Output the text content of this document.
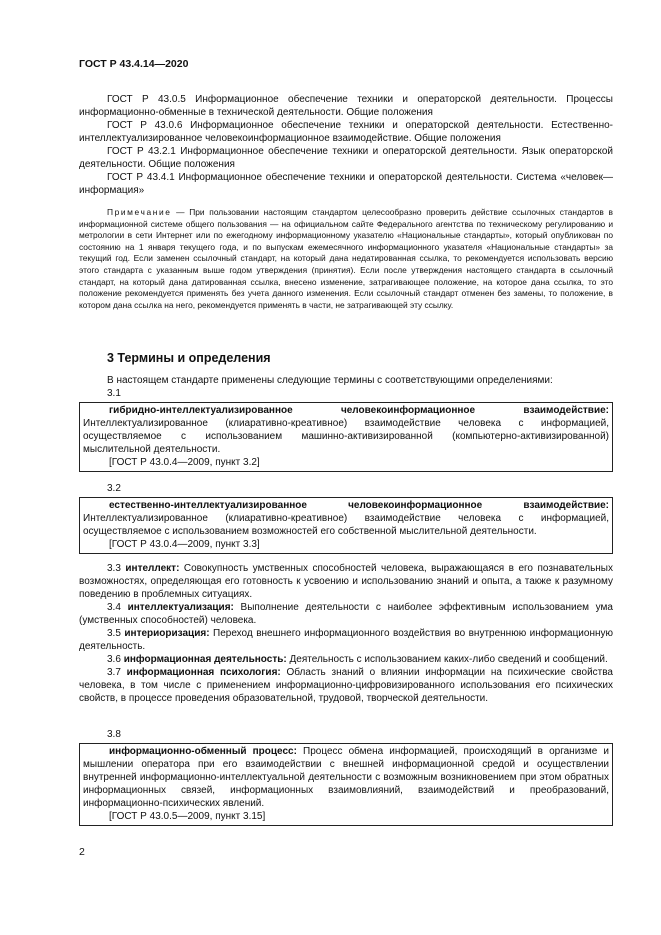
ГОСТ Р 43.4.14—2020

ГОСТ Р 43.0.5 Информационное обеспечение техники и операторской деятельности. Процессы информационно-обменные в технической деятельности. Общие положения

ГОСТ Р 43.0.6 Информационное обеспечение техники и операторской деятельности. Естественно-интеллектуализированное человекоинформационное взаимодействие. Общие положения

ГОСТ Р 43.2.1 Информационное обеспечение техники и операторской деятельности. Язык операторской деятельности. Общие положения

ГОСТ Р 43.4.1 Информационное обеспечение техники и операторской деятельности. Система «человек—информация»

Примечание — При пользовании настоящим стандартом целесообразно проверить действие ссылочных стандартов в информационной системе общего пользования — на официальном сайте Федерального агентства по техническому регулированию и метрологии в сети Интернет или по ежегодному информационному указателю «Национальные стандарты», который опубликован по состоянию на 1 января текущего года, и по выпускам ежемесячного информационного указателя «Национальные стандарты» за текущий год. Если заменен ссылочный стандарт, на который дана недатированная ссылка, то рекомендуется использовать версию этого стандарта с указанным выше годом утверждения (принятия). Если после утверждения настоящего стандарта в ссылочный стандарт, на который дана датированная ссылка, внесено изменение, затрагивающее положение, на которое дана ссылка, то это положение рекомендуется применять без учета данного изменения. Если ссылочный стандарт отменен без замены, то положение, в котором дана ссылка на него, рекомендуется применять в части, не затрагивающей эту ссылку.

3 Термины и определения

В настоящем стандарте применены следующие термины с соответствующими определениями:

3.1

гибридно-интеллектуализированное человекоинформационное взаимодействие: Интеллектуализированное (клиаративно-креативное) взаимодействие человека с информацией, осуществляемое с использованием машинно-активизированной (компьютерно-активизированной) мыслительной деятельности.

[ГОСТ Р 43.0.4—2009, пункт 3.2]

3.2

естественно-интеллектуализированное человекоинформационное взаимодействие: Интеллектуализированное (клиаративно-креативное) взаимодействие человека с информацией, осуществляемое с использованием возможностей его собственной мыслительной деятельности.

[ГОСТ Р 43.0.4—2009, пункт 3.3]

3.3 интеллект: Совокупность умственных способностей человека, выражающаяся в его познавательных возможностях, определяющая его готовность к усвоению и использованию знаний и опыта, а также к разумному поведению в проблемных ситуациях.

3.4 интеллектуализация: Выполнение деятельности с наиболее эффективным использованием ума (умственных способностей) человека.

3.5 интериоризация: Переход внешнего информационного воздействия во внутреннюю информационную деятельность.

3.6 информационная деятельность: Деятельность с использованием каких-либо сведений и сообщений.

3.7 информационная психология: Область знаний о влиянии информации на психические свойства человека, в том числе с применением информационно-цифровизированного использования его психических свойств, в процессе проведения образовательной, трудовой, творческой деятельности.

3.8

информационно-обменный процесс: Процесс обмена информацией, происходящий в организме и мышлении оператора при его взаимодействии с внешней информационной средой и осуществлении внутренней информационно-интеллектуальной деятельности с возможным возникновением при этом обратных информационных связей, информационных взаимовлияний, взаимодействий и преобразований, информационно-психических явлений.

[ГОСТ Р 43.0.5—2009, пункт 3.15]

2
